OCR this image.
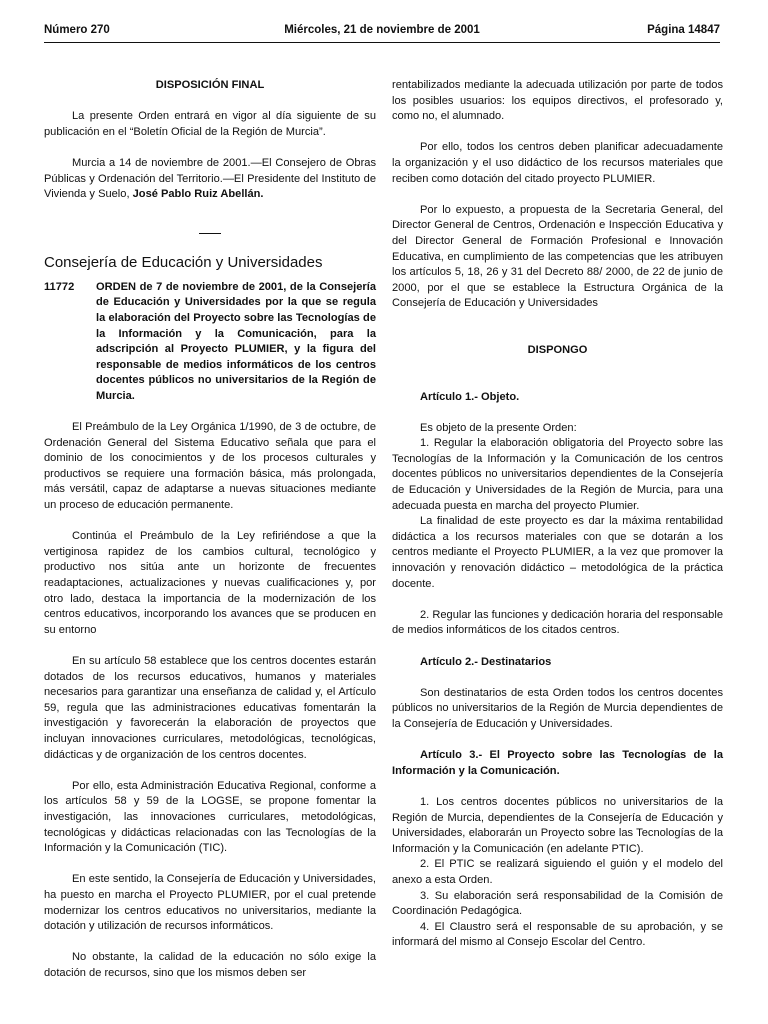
Número 270	Miércoles, 21 de noviembre de 2001	Página 14847

DISPOSICIÓN FINAL

La presente Orden entrará en vigor al día siguiente de su publicación en el “Boletín Oficial de la Región de Murcia”.

Murcia a 14 de noviembre de 2001.—El Consejero de Obras Públicas y Ordenación del Territorio.—El Presidente del Instituto de Vivienda y Suelo, José Pablo Ruiz Abellán.

Consejería de Educación y Universidades
11772	ORDEN de 7 de noviembre de 2001, de la Consejería de Educación y Universidades por la que se regula la elaboración del Proyecto sobre las Tecnologías de la Información y la Comunicación, para la adscripción al Proyecto PLUMIER, y la figura del responsable de medios informáticos de los centros docentes públicos no universitarios de la Región de Murcia.

El Preámbulo de la Ley Orgánica 1/1990, de 3 de octubre, de Ordenación General del Sistema Educativo señala que para el dominio de los conocimientos y de los procesos culturales y productivos se requiere una formación básica, más prolongada, más versátil, capaz de adaptarse a nuevas situaciones mediante un proceso de educación permanente.

Continúa el Preámbulo de la Ley refiriéndose a que la vertiginosa rapidez de los cambios cultural, tecnológico y productivo nos sitúa ante un horizonte de frecuentes readaptaciones, actualizaciones y nuevas cualificaciones y, por otro lado, destaca la importancia de la modernización de los centros educativos, incorporando los avances que se producen en su entorno

En su artículo 58 establece que los centros docentes estarán dotados de los recursos educativos, humanos y materiales necesarios para garantizar una enseñanza de calidad y, el Artículo 59, regula que las administraciones educativas fomentarán la investigación y favorecerán la elaboración de proyectos que incluyan innovaciones curriculares, metodológicas, tecnológicas, didácticas y de organización de los centros docentes.

Por ello, esta Administración Educativa Regional, conforme a los artículos 58 y 59 de la LOGSE, se propone fomentar la investigación, las innovaciones curriculares, metodológicas, tecnológicas y didácticas relacionadas con las Tecnologías de la Información y la Comunicación (TIC).

En este sentido, la Consejería de Educación y Universidades, ha puesto en marcha el Proyecto PLUMIER, por el cual pretende modernizar los centros educativos no universitarios, mediante la dotación y utilización de recursos informáticos.

No obstante, la calidad de la educación no sólo exige la dotación de recursos, sino que los mismos deben ser

rentabilizados mediante la adecuada utilización por parte de todos los posibles usuarios: los equipos directivos, el profesorado y, como no, el alumnado.

Por ello, todos los centros deben planificar adecuadamente la organización y el uso didáctico de los recursos materiales que reciben como dotación del citado proyecto PLUMIER.

Por lo expuesto, a propuesta de la Secretaria General, del Director General de Centros, Ordenación e Inspección Educativa y del Director General de Formación Profesional e Innovación Educativa, en cumplimiento de las competencias que les atribuyen los artículos 5, 18, 26 y 31 del Decreto 88/ 2000, de 22 de junio de 2000, por el que se establece la Estructura Orgánica de la Consejería de Educación y Universidades

DISPONGO

Artículo 1.- Objeto.

Es objeto de la presente Orden:

1. Regular la elaboración obligatoria del Proyecto sobre las Tecnologías de la Información y la Comunicación de los centros docentes públicos no universitarios dependientes de la Consejería de Educación y Universidades de la Región de Murcia, para una adecuada puesta en marcha del proyecto Plumier.

La finalidad de este proyecto es dar la máxima rentabilidad didáctica a los recursos materiales con que se dotarán a los centros mediante el Proyecto PLUMIER, a la vez que promover la innovación y renovación didáctico – metodológica de la práctica docente.

2. Regular las funciones y dedicación horaria del responsable de medios informáticos de los citados centros.

Artículo 2.- Destinatarios

Son destinatarios de esta Orden todos los centros docentes públicos no universitarios de la Región de Murcia dependientes de la Consejería de Educación y Universidades.

Artículo 3.- El Proyecto sobre las Tecnologías de la Información y la Comunicación.

1. Los centros docentes públicos no universitarios de la Región de Murcia, dependientes de la Consejería de Educación y Universidades, elaborarán un Proyecto sobre las Tecnologías de la Información y la Comunicación (en adelante PTIC).

2. El PTIC se realizará siguiendo el guión y el modelo del anexo a esta Orden.

3. Su elaboración será responsabilidad de la Comisión de Coordinación Pedagógica.

4. El Claustro será el responsable de su aprobación, y se informará del mismo al Consejo Escolar del Centro.
